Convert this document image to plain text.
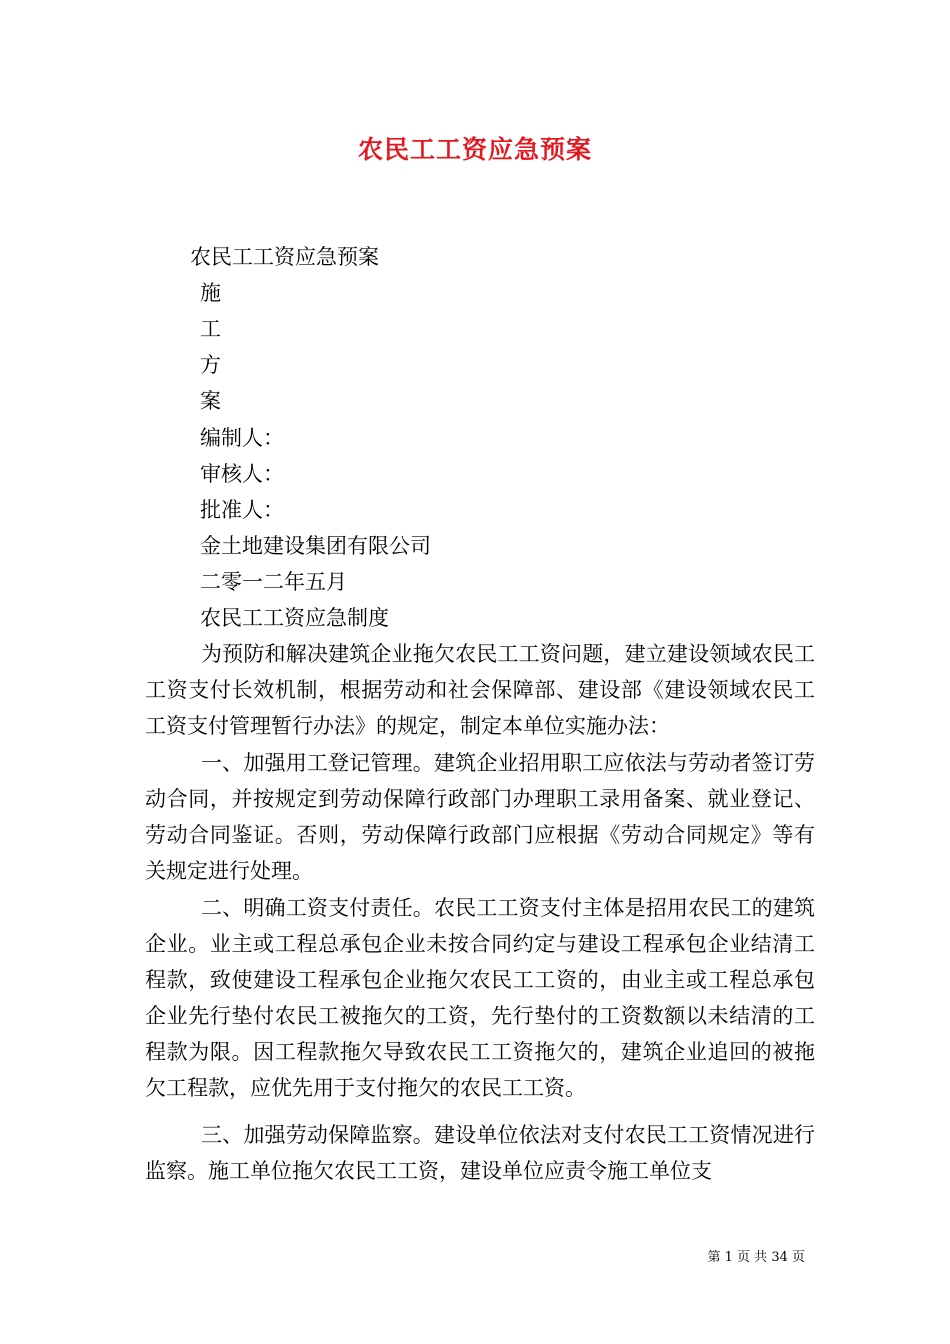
农民工工资应急预案
农民工工资应急预案
施
工
方
案
编制人：
审核人：
批准人：
金土地建设集团有限公司
二零一二年五月
农民工工资应急制度
为预防和解决建筑企业拖欠农民工工资问题，建立建设领域农民工工资支付长效机制，根据劳动和社会保障部、建设部《建设领域农民工工资支付管理暂行办法》的规定，制定本单位实施办法：
一、加强用工登记管理。建筑企业招用职工应依法与劳动者签订劳动合同，并按规定到劳动保障行政部门办理职工录用备案、就业登记、劳动合同鉴证。否则，劳动保障行政部门应根据《劳动合同规定》等有关规定进行处理。
二、明确工资支付责任。农民工工资支付主体是招用农民工的建筑企业。业主或工程总承包企业未按合同约定与建设工程承包企业结清工程款，致使建设工程承包企业拖欠农民工工资的，由业主或工程总承包企业先行垫付农民工被拖欠的工资，先行垫付的工资数额以未结清的工程款为限。因工程款拖欠导致农民工工资拖欠的，建筑企业追回的被拖欠工程款，应优先用于支付拖欠的农民工工资。
三、加强劳动保障监察。建设单位依法对支付农民工工资情况进行监察。施工单位拖欠农民工工资，建设单位应责令施工单位支
第 1 页 共 34 页
